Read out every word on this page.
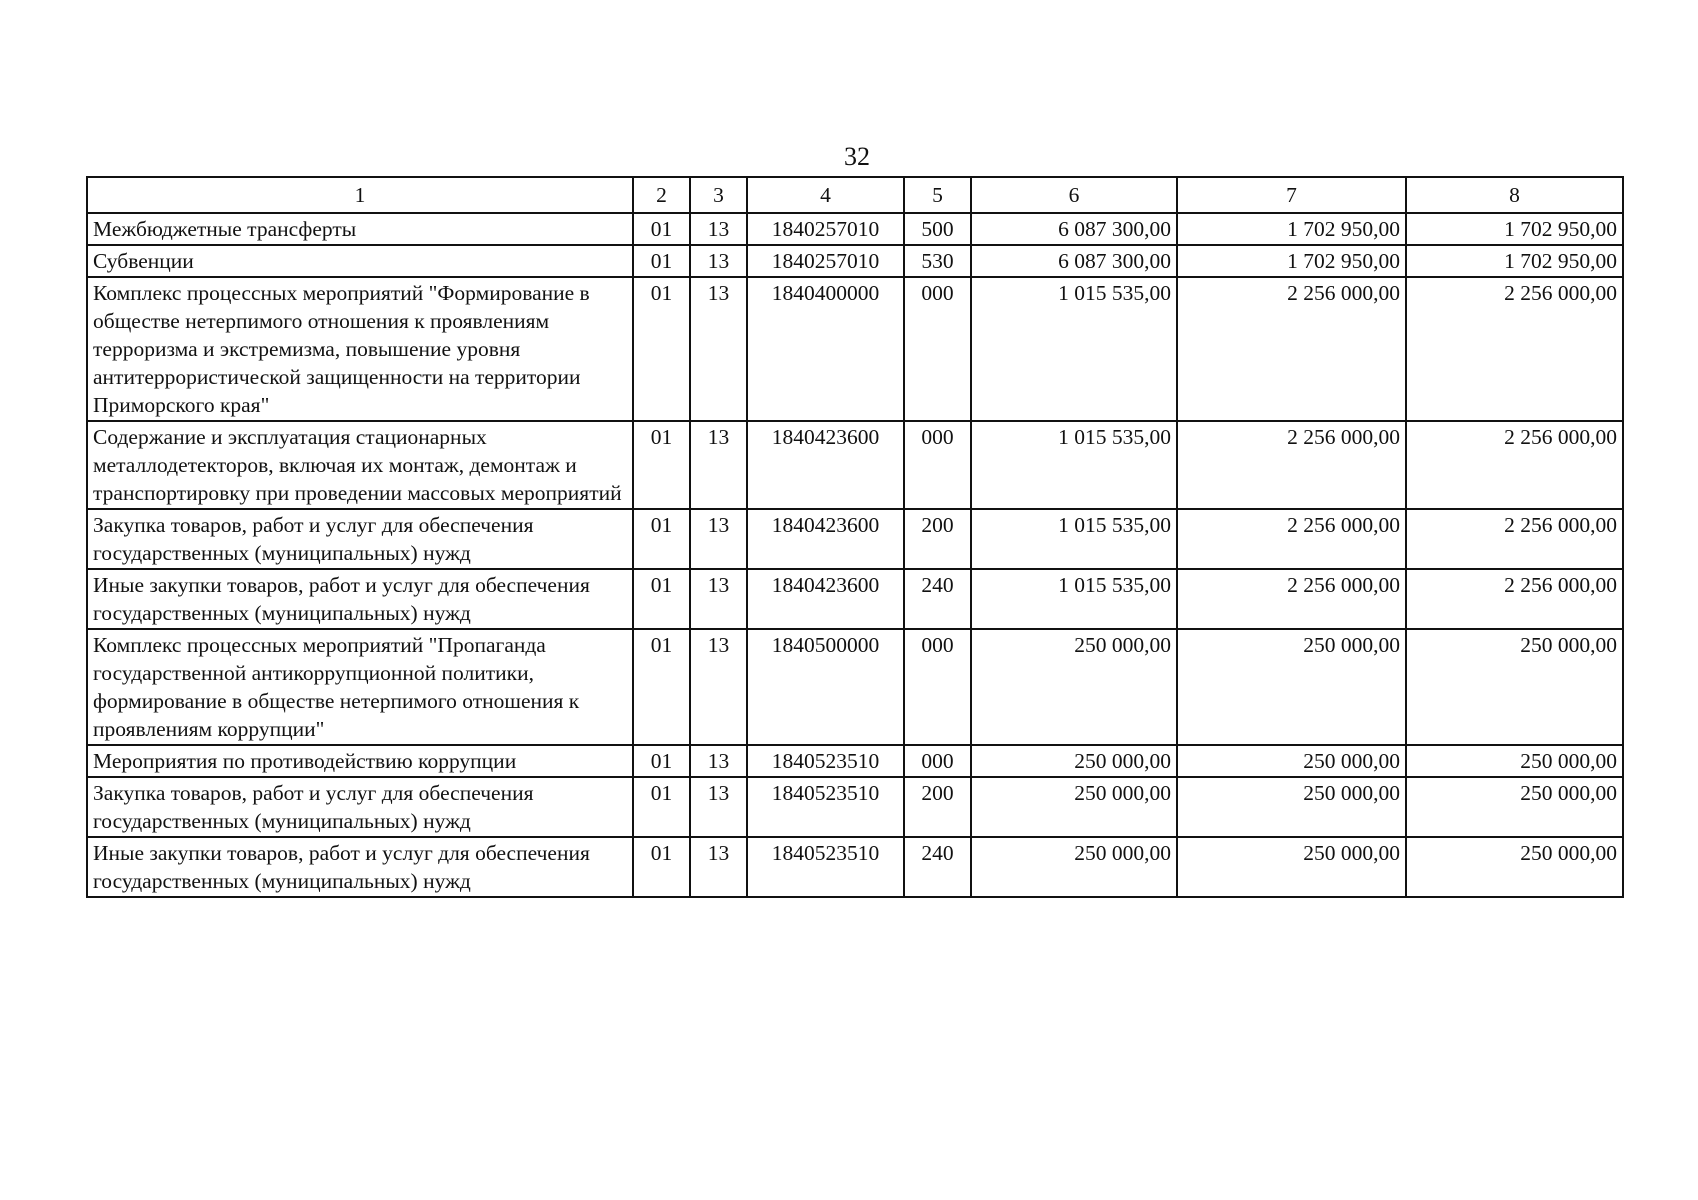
32
1	2	3	4	5	6	7	8
Межбюджетные трансферты	01	13	1840257010	500	6 087 300,00	1 702 950,00	1 702 950,00
Субвенции	01	13	1840257010	530	6 087 300,00	1 702 950,00	1 702 950,00
Комплекс процессных мероприятий "Формирование в обществе нетерпимого отношения к проявлениям терроризма и экстремизма, повышение уровня антитеррористической защищенности на территории Приморского края"	01	13	1840400000	000	1 015 535,00	2 256 000,00	2 256 000,00
Содержание и эксплуатация стационарных металлодетекторов, включая их монтаж, демонтаж и транспортировку при проведении массовых мероприятий	01	13	1840423600	000	1 015 535,00	2 256 000,00	2 256 000,00
Закупка товаров, работ и услуг для обеспечения государственных (муниципальных) нужд	01	13	1840423600	200	1 015 535,00	2 256 000,00	2 256 000,00
Иные закупки товаров, работ и услуг для обеспечения государственных (муниципальных) нужд	01	13	1840423600	240	1 015 535,00	2 256 000,00	2 256 000,00
Комплекс процессных мероприятий "Пропаганда государственной антикоррупционной политики, формирование в обществе нетерпимого отношения к проявлениям коррупции"	01	13	1840500000	000	250 000,00	250 000,00	250 000,00
Мероприятия по противодействию коррупции	01	13	1840523510	000	250 000,00	250 000,00	250 000,00
Закупка товаров, работ и услуг для обеспечения государственных (муниципальных) нужд	01	13	1840523510	200	250 000,00	250 000,00	250 000,00
Иные закупки товаров, работ и услуг для обеспечения государственных (муниципальных) нужд	01	13	1840523510	240	250 000,00	250 000,00	250 000,00
